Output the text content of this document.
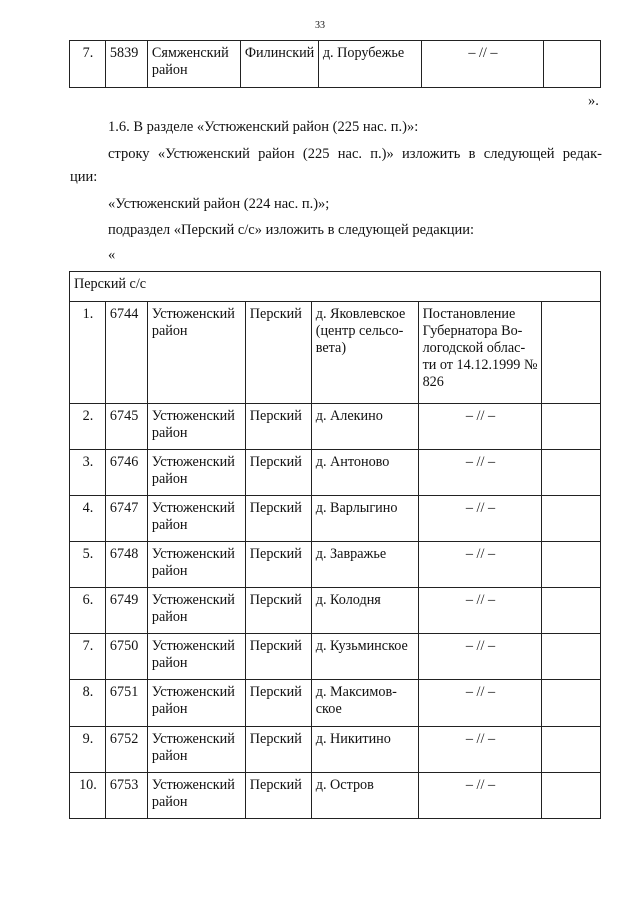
33
7.	5839	Сямженский район	Филинский	д. Порубежье	– // –	
».
1.6. В разделе «Устюженский район (225 нас. п.)»:
строку «Устюженский район (225 нас. п.)» изложить в следующей редак-
ции:
«Устюженский район (224 нас. п.)»;
подраздел «Перский с/с» изложить в следующей редакции:
«
Перский с/с						
1.	6744	Устюженский район	Перский	д. Яковлевское (центр сельсо-вета)	Постановление Губернатора Во-логодской облас-ти от 14.12.1999 № 826	
2.	6745	Устюженский район	Перский	д. Алекино	– // –	
3.	6746	Устюженский район	Перский	д. Антоново	– // –	
4.	6747	Устюженский район	Перский	д. Варлыгино	– // –	
5.	6748	Устюженский район	Перский	д. Завражье	– // –	
6.	6749	Устюженский район	Перский	д. Колодня	– // –	
7.	6750	Устюженский район	Перский	д. Кузьминское	– // –	
8.	6751	Устюженский район	Перский	д. Максимов-ское	– // –	
9.	6752	Устюженский район	Перский	д. Никитино	– // –	
10.	6753	Устюженский район	Перский	д. Остров	– // –	
